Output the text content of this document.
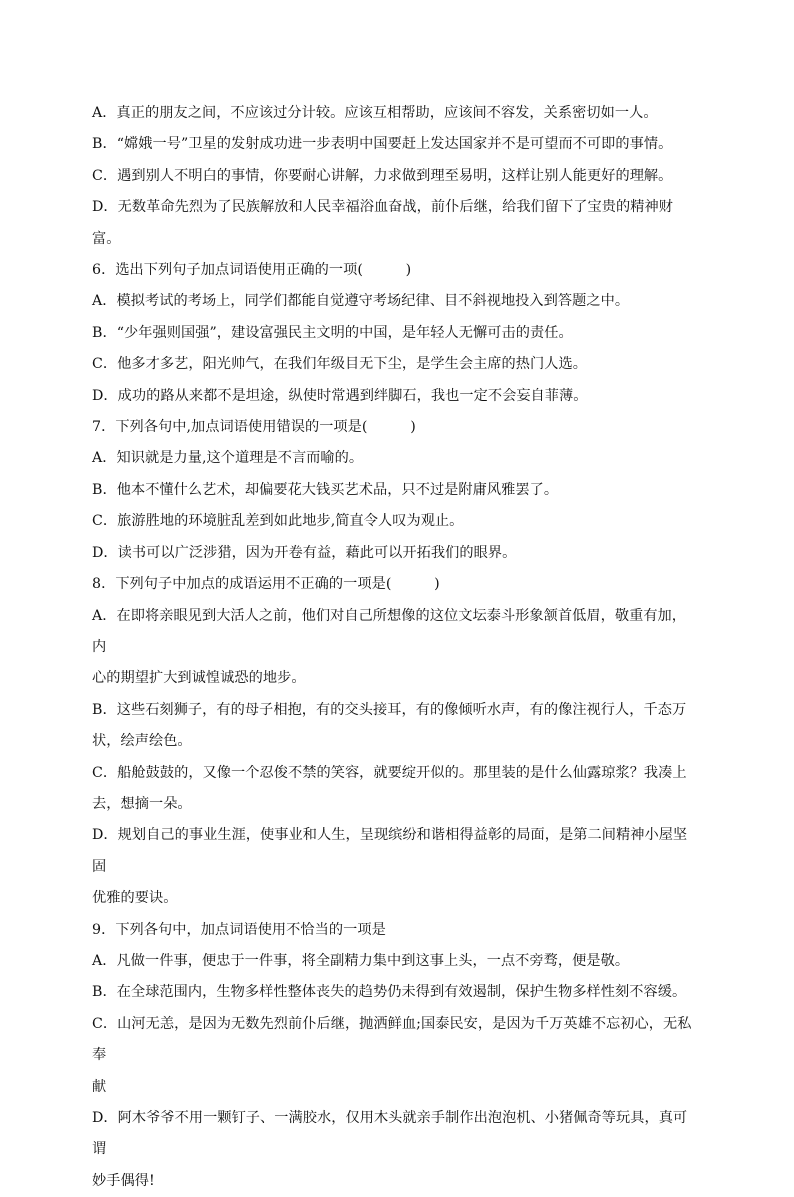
A．真正的朋友之间，不应该过分计较。应该互相帮助，应该间不容发，关系密切如一人。

B．“嫦娥一号”卫星的发射成功进一步表明中国要赶上发达国家并不是可望而不可即的事情。

C．遇到别人不明白的事情，你要耐心讲解，力求做到理至易明，这样让别人能更好的理解。

D．无数革命先烈为了民族解放和人民幸福浴血奋战，前仆后继，给我们留下了宝贵的精神财富。

6．选出下列句子加点词语使用正确的一项(　　　)

A．模拟考试的考场上，同学们都能自觉遵守考场纪律、目不斜视地投入到答题之中。

B．“少年强则国强”，建设富强民主文明的中国，是年轻人无懈可击的责任。

C．他多才多艺，阳光帅气，在我们年级目无下尘，是学生会主席的热门人选。

D．成功的路从来都不是坦途，纵使时常遇到绊脚石，我也一定不会妄自菲薄。

7．下列各句中,加点词语使用错误的一项是(　　　)

A．知识就是力量,这个道理是不言而喻的。

B．他本不懂什么艺术，却偏要花大钱买艺术品，只不过是附庸风雅罢了。

C．旅游胜地的环境脏乱差到如此地步,简直令人叹为观止。

D．读书可以广泛涉猎，因为开卷有益，藉此可以开拓我们的眼界。

8．下列句子中加点的成语运用不正确的一项是(　　　)

A．在即将亲眼见到大活人之前，他们对自己所想像的这位文坛泰斗形象颔首低眉，敬重有加，内

心的期望扩大到诚惶诚恐的地步。

B．这些石刻狮子，有的母子相抱，有的交头接耳，有的像倾听水声，有的像注视行人，千态万

状，绘声绘色。

C．船舱鼓鼓的，又像一个忍俊不禁的笑容，就要绽开似的。那里装的是什么仙露琼浆？我凑上

去，想摘一朵。

D．规划自己的事业生涯，使事业和人生，呈现缤纷和谐相得益彰的局面，是第二间精神小屋坚固

优雅的要诀。

9．下列各句中，加点词语使用不恰当的一项是

A．凡做一件事，便忠于一件事，将全副精力集中到这事上头，一点不旁骛，便是敬。

B．在全球范围内，生物多样性整体丧失的趋势仍未得到有效遏制，保护生物多样性刻不容缓。

C．山河无恙，是因为无数先烈前仆后继，抛洒鲜血;国泰民安，是因为千万英雄不忘初心，无私奉

献

D．阿木爷爷不用一颗钉子、一满胶水，仅用木头就亲手制作出泡泡机、小猪佩奇等玩具，真可谓

妙手偶得!
